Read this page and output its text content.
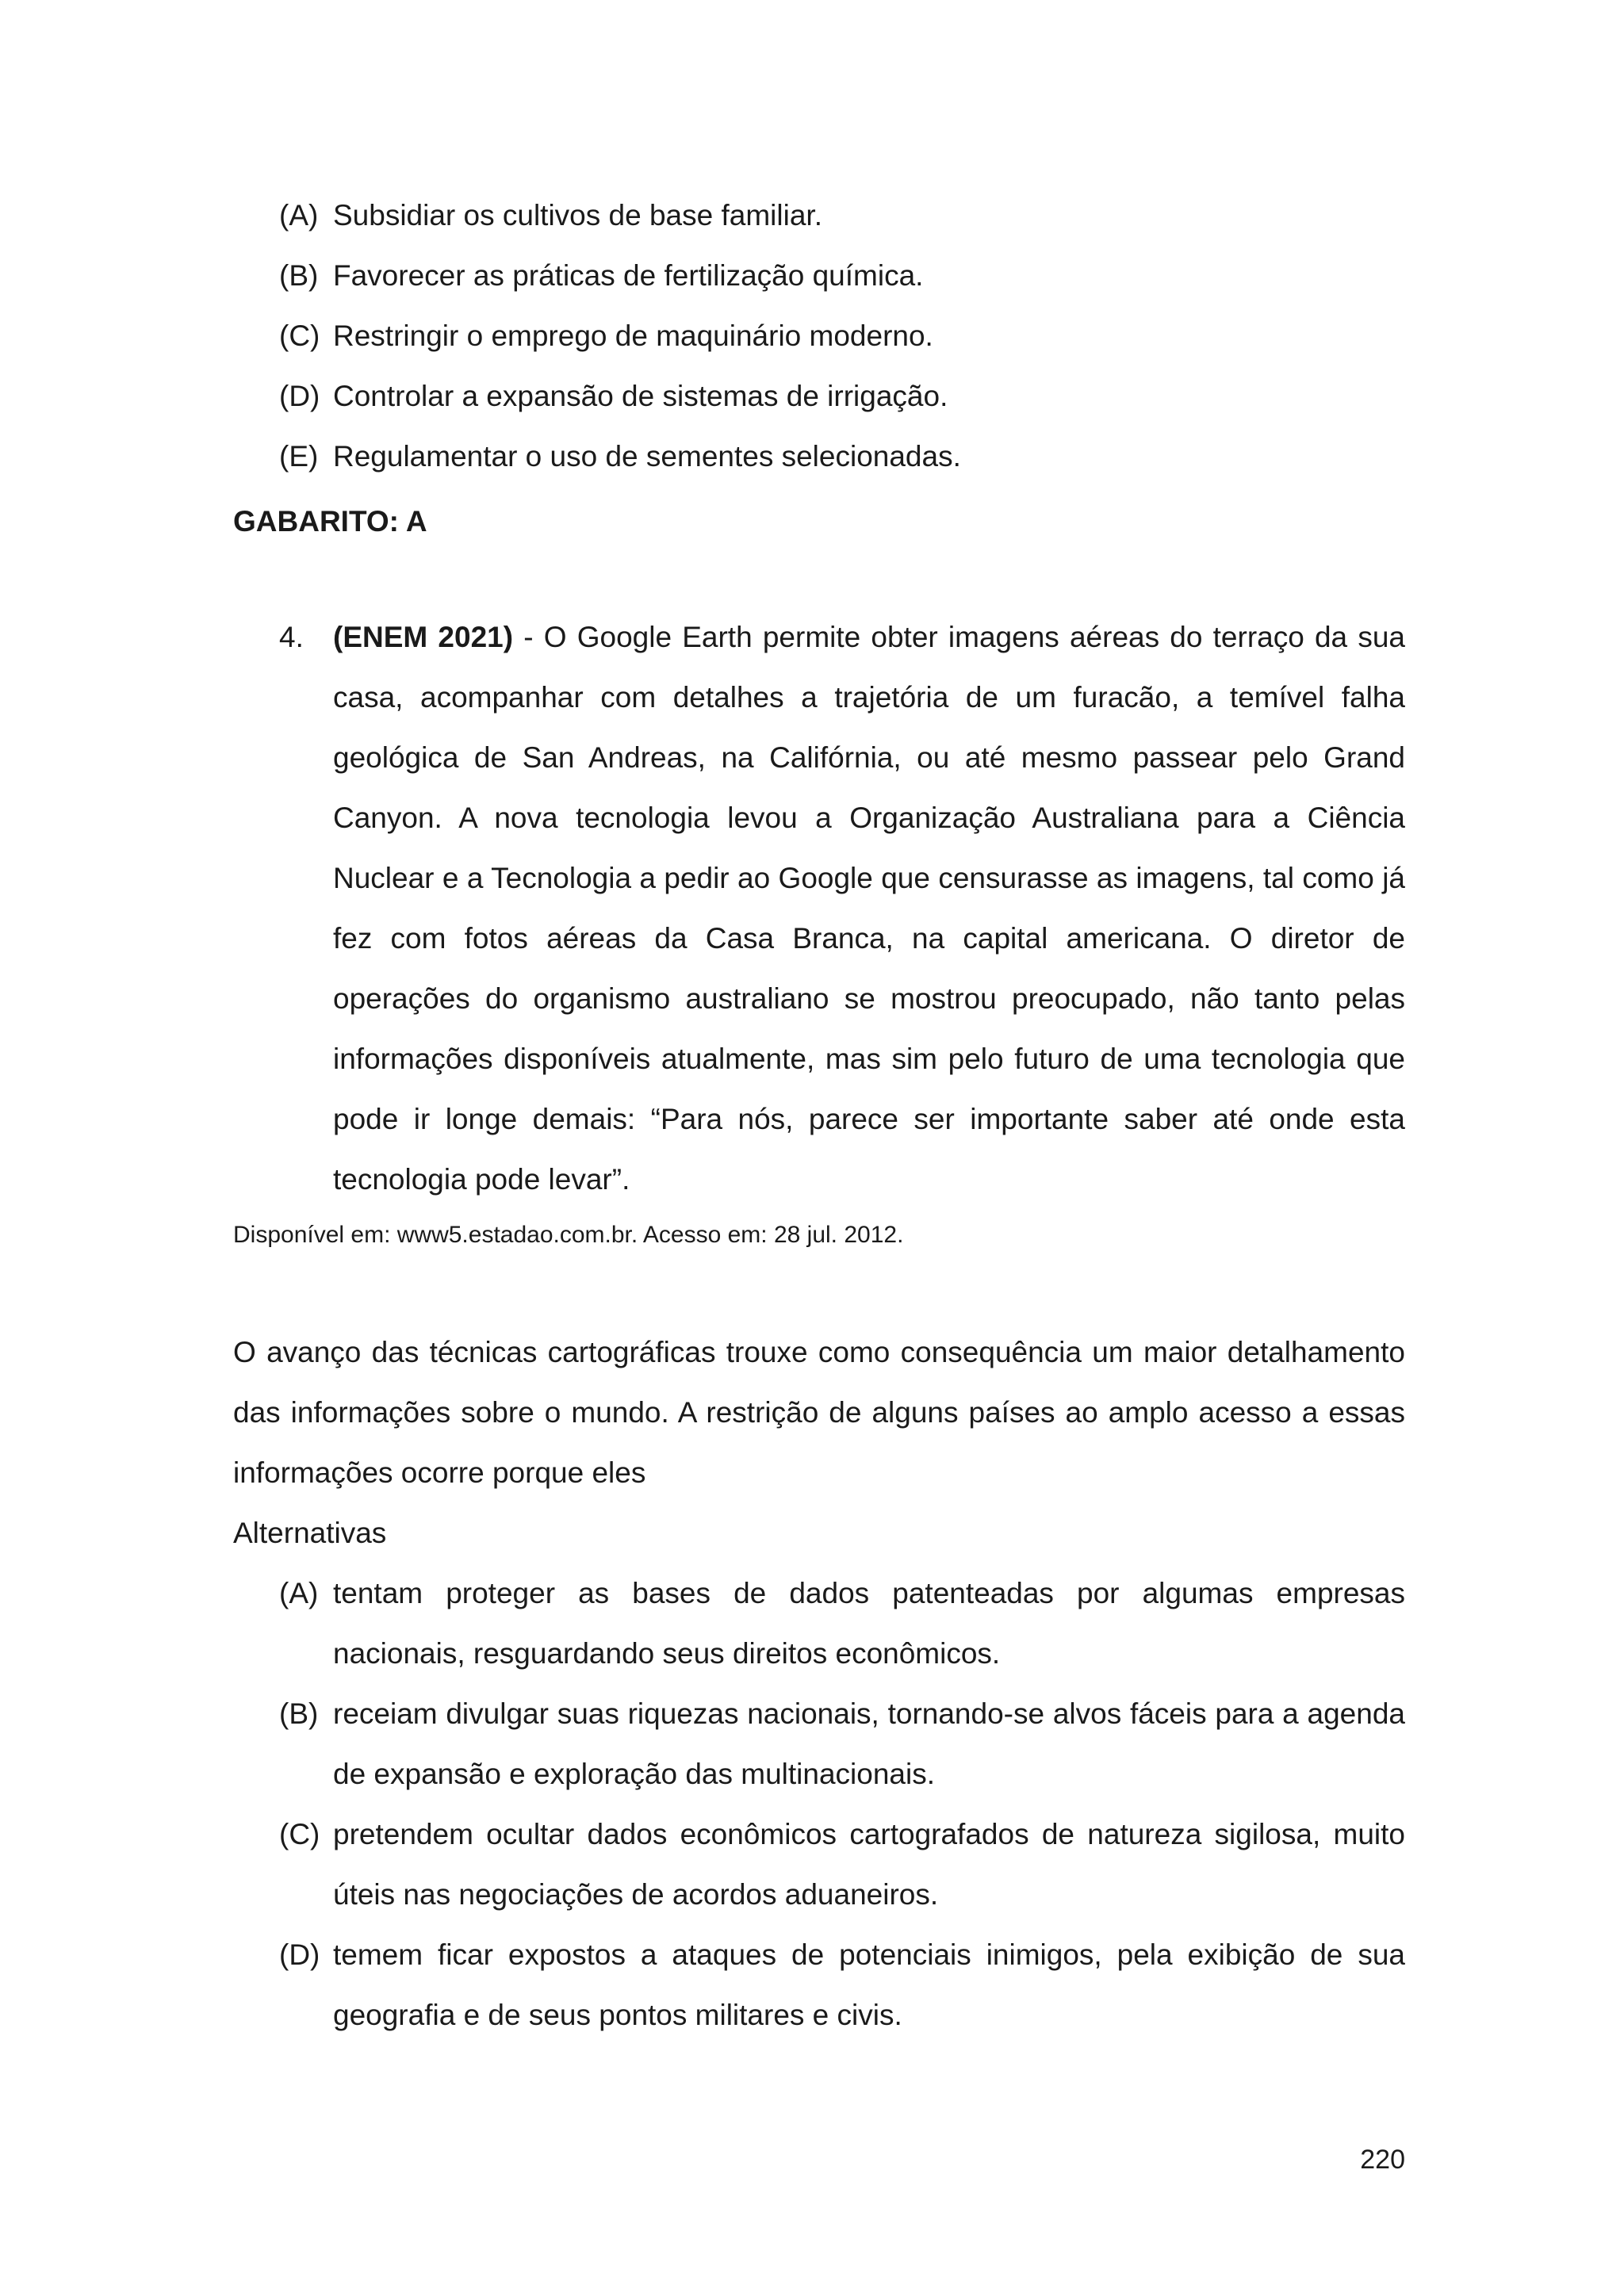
(A) Subsidiar os cultivos de base familiar.
(B) Favorecer as práticas de fertilização química.
(C) Restringir o emprego de maquinário moderno.
(D) Controlar a expansão de sistemas de irrigação.
(E) Regulamentar o uso de sementes selecionadas.
GABARITO: A
4.	(ENEM 2021) - O Google Earth permite obter imagens aéreas do terraço da sua casa, acompanhar com detalhes a trajetória de um furacão, a temível falha geológica de San Andreas, na Califórnia, ou até mesmo passear pelo Grand Canyon. A nova tecnologia levou a Organização Australiana para a Ciência Nuclear e a Tecnologia a pedir ao Google que censurasse as imagens, tal como já fez com fotos aéreas da Casa Branca, na capital americana. O diretor de operações do organismo australiano se mostrou preocupado, não tanto pelas informações disponíveis atualmente, mas sim pelo futuro de uma tecnologia que pode ir longe demais: “Para nós, parece ser importante saber até onde esta tecnologia pode levar”.
Disponível em: www5.estadao.com.br. Acesso em: 28 jul. 2012.
O avanço das técnicas cartográficas trouxe como consequência um maior detalhamento das informações sobre o mundo. A restrição de alguns países ao amplo acesso a essas informações ocorre porque eles
Alternativas
(A) tentam proteger as bases de dados patenteadas por algumas empresas nacionais, resguardando seus direitos econômicos.
(B) receiam divulgar suas riquezas nacionais, tornando-se alvos fáceis para a agenda de expansão e exploração das multinacionais.
(C) pretendem ocultar dados econômicos cartografados de natureza sigilosa, muito úteis nas negociações de acordos aduaneiros.
(D) temem ficar expostos a ataques de potenciais inimigos, pela exibição de sua geografia e de seus pontos militares e civis.
220
